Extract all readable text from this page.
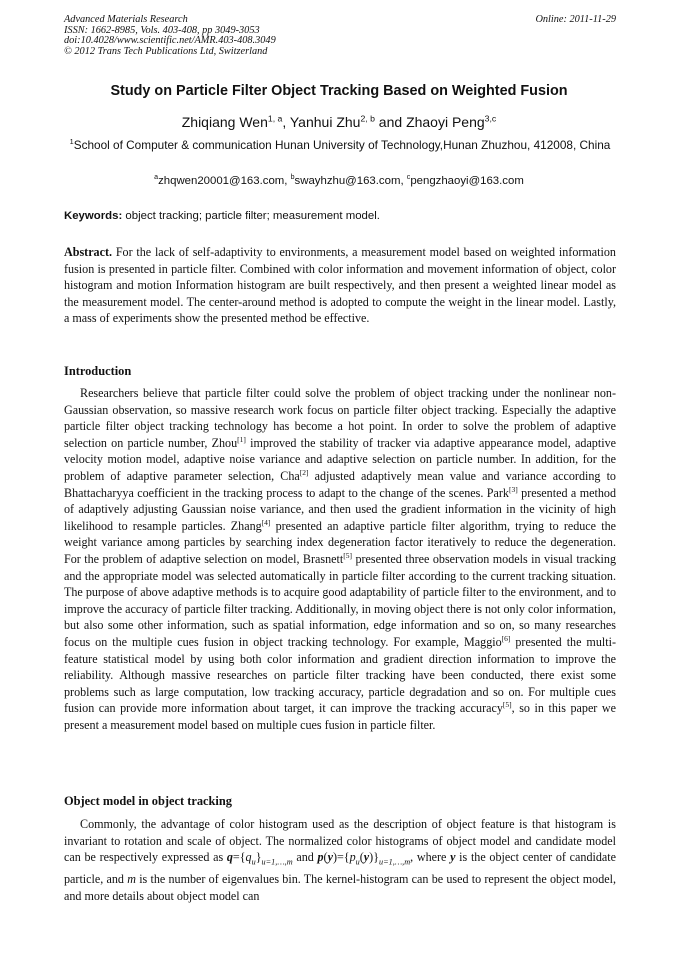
Advanced Materials Research
ISSN: 1662-8985, Vols. 403-408, pp 3049-3053
doi:10.4028/www.scientific.net/AMR.403-408.3049
© 2012 Trans Tech Publications Ltd, Switzerland
Online: 2011-11-29
Study on Particle Filter Object Tracking Based on Weighted Fusion
Zhiqiang Wen$^{1, a}$, Yanhui Zhu$^{2, b}$ and Zhaoyi Peng$^{3,c}$
$^1$School of Computer & communication Hunan University of Technology,Hunan Zhuzhou, 412008, China
$^a$zhqwen20001@163.com, $^b$swayhzhu@163.com, $^c$pengzhaoyi@163.com
Keywords: object tracking; particle filter; measurement model.
Abstract. For the lack of self-adaptivity to environments, a measurement model based on weighted information fusion is presented in particle filter. Combined with color information and movement information of object, color histogram and motion Information histogram are built respectively, and then present a weighted linear model as the measurement model. The center-around method is adopted to compute the weight in the linear model. Lastly, a mass of experiments show the presented method be effective.
Introduction
Researchers believe that particle filter could solve the problem of object tracking under the nonlinear non-Gaussian observation, so massive research work focus on particle filter object tracking. Especially the adaptive particle filter object tracking technology has become a hot point. In order to solve the problem of adaptive selection on particle number, Zhou[1] improved the stability of tracker via adaptive appearance model, adaptive velocity motion model, adaptive noise variance and adaptive selection on particle number. In addition, for the problem of adaptive parameter selection, Cha[2] adjusted adaptively mean value and variance according to Bhattacharyya coefficient in the tracking process to adapt to the change of the scenes. Park[3] presented a method of adaptively adjusting Gaussian noise variance, and then used the gradient information in the vicinity of high likelihood to resample particles. Zhang[4] presented an adaptive particle filter algorithm, trying to reduce the weight variance among particles by searching index degeneration factor iteratively to reduce the degeneration. For the problem of adaptive selection on model, Brasnett[5] presented three observation models in visual tracking and the appropriate model was selected automatically in particle filter according to the current tracking situation. The purpose of above adaptive methods is to acquire good adaptability of particle filter to the environment, and to improve the accuracy of particle filter tracking. Additionally, in moving object there is not only color information, but also some other information, such as spatial information, edge information and so on, so many researches focus on the multiple cues fusion in object tracking technology. For example, Maggio[6] presented the multi-feature statistical model by using both color information and gradient direction information to improve the reliability. Although massive researches on particle filter tracking have been conducted, there exist some problems such as large computation, low tracking accuracy, particle degradation and so on. For multiple cues fusion can provide more information about target, it can improve the tracking accuracy[5], so in this paper we present a measurement model based on multiple cues fusion in particle filter.
Object model in object tracking
Commonly, the advantage of color histogram used as the description of object feature is that histogram is invariant to rotation and scale of object. The normalized color histograms of object model and candidate model can be respectively expressed as $q=\{q_u\}_{u=1,\dots,m}$ and $p(y)=\{p_u(y)\}_{u=1,\dots,m}$, where y is the object center of candidate particle, and m is the number of eigenvalues bin. The kernel-histogram can be used to represent the object model, and more details about object model can
